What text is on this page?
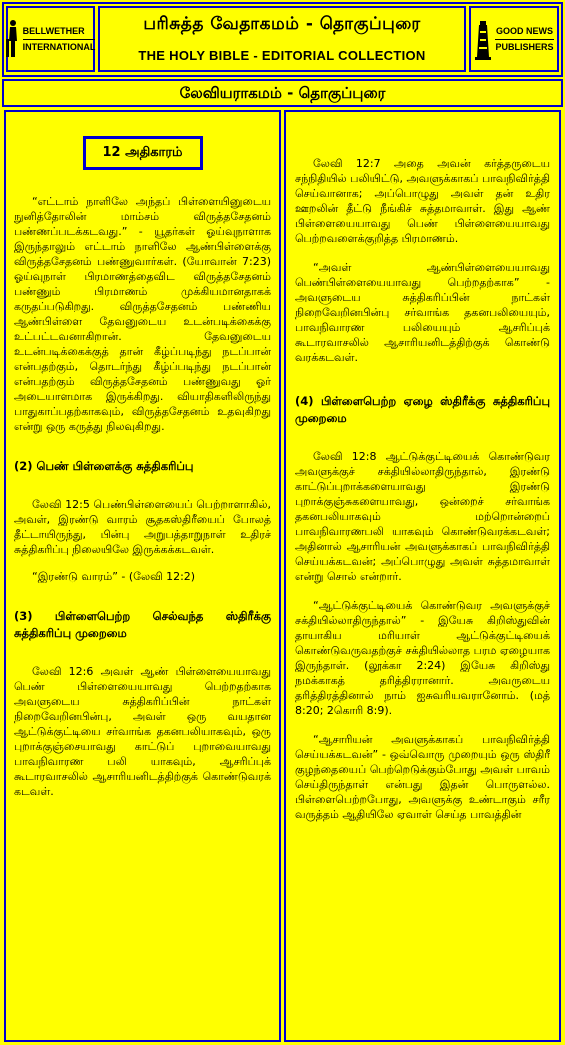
BELLWETHER
INTERNATIONAL
பரிசுத்த வேதாகமம் - தொகுப்புரை
THE HOLY BIBLE - EDITORIAL COLLECTION
GOOD NEWS
PUBLISHERS
லேவியராகமம் - தொகுப்புரை
12 அதிகாரம்

“எட்டாம் நாளிலே அந்தப் பிள்ளையினுடைய நுனித்தோலின் மாம்சம் விருத்தசேதனம் பண்ணப்படக்கடவது.” - யூதர்கள் ஓய்வுநாளாக இருந்தாலும் எட்டாம் நாளிலே ஆண்பிள்ளைக்கு விருத்தசேதனம் பண்ணுவார்கள். (யோவான் 7:23) ஓய்வுநாள் பிரமாணத்தைவிட விருத்தசேதனம் பண்ணும் பிரமாணம் முக்கியமானதாகக் கருதப்படுகிறது. விருத்தசேதனம் பண்ணிய ஆண்பிள்ளை தேவனுடைய உடன்படிக்கைக்கு உட்பட்டவனாகிறான். தேவனுடைய உடன்படிக்கைக்குத் தான் கீழ்ப்படிந்து நடப்பான் என்பதற்கும், தொடர்ந்து கீழ்ப்படிந்து நடப்பான் என்பதற்கும் விருத்தசேதனம் பண்ணுவது ஓர் அடையாளமாக இருக்கிறது. வியாதிகளிலிருந்து பாதுகாப்பதற்காகவும், விருத்தசேதனம் உதவுகிறது என்று ஒரு கருத்து நிலவுகிறது.

(2) பெண் பிள்ளைக்கு சுத்திகரிப்பு

லேவி 12:5 பெண்பிள்ளையைப் பெற்றாளாகில், அவள், இரண்டு வாரம் சூதகஸ்திரீயைப் போலத் தீட்டாயிருந்து, பின்பு அறுபத்தாறுநாள் உதிரச் சுத்திகரிப்பு நிலையிலே இருக்கக்கடவள்.

“இரண்டு வாரம்” - (லேவி 12:2)

(3) பிள்ளைபெற்ற செல்வந்த ஸ்திரீக்கு சுத்திகரிப்பு முறைமை

லேவி 12:6 அவள் ஆண் பிள்ளையையாவது பெண் பிள்ளையையாவது பெற்றதற்காக அவளுடைய சுத்திகரிப்பின் நாட்கள் நிறைவேறினபின்பு, அவள் ஒரு வயதான ஆட்டுக்குட்டியை சர்வாங்க தகனபலியாகவும், ஒரு புறாக்குஞ்சையாவது காட்டுப் புறாவையாவது பாவநிவாரண பலி யாகவும், ஆசரிப்புக் கூடாரவாசலில் ஆசாரியனிடத்திற்குக் கொண்டுவரக் கடவள்.

லேவி 12:7 அதை அவன் கர்த்தருடைய சந்நிதியில் பலியிட்டு, அவளுக்காகப் பாவநிவிர்த்தி செய்வானாக; அப்பொழுது அவள் தன் உதிர ஊறலின் தீட்டு நீங்கிச் சுத்தமாவாள். இது ஆண் பிள்ளையையாவது பெண் பிள்ளையையாவது பெற்றவளைக்குறித்த பிரமாணம்.

“அவள் ஆண்பிள்ளையையாவது பெண்பிள்ளையையாவது பெற்றதற்காக” - அவளுடைய சுத்திகரிப்பின் நாட்கள் நிறைவேறினபின்பு சர்வாங்க தகனபலியையும், பாவநிவாரண பலியையும் ஆசரிப்புக் கூடாரவாசலில் ஆசாரியனிடத்திற்குக் கொண்டு வரக்கடவள்.

(4) பிள்ளைபெற்ற ஏழை ஸ்திரீக்கு சுத்திகரிப்பு முறைமை

லேவி 12:8 ஆட்டுக்குட்டியைக் கொண்டுவர அவளுக்குச் சக்தியில்லாதிருந்தால், இரண்டு காட்டுப்புறாக்களையாவது இரண்டு புறாக்குஞ்சுகளையாவது, ஒன்றைச் சர்வாங்க தகனபலியாகவும் மற்றொன்றைப் பாவநிவாரணபலி யாகவும் கொண்டுவரக்கடவள்; அதினால் ஆசாரியன் அவளுக்காகப் பாவநிவிர்த்தி செய்யக்கடவன்; அப்பொழுது அவள் சுத்தமாவாள் என்று சொல் என்றார்.

“ஆட்டுக்குட்டியைக் கொண்டுவர அவளுக்குச் சக்தியில்லாதிருந்தால்” - இயேசு கிறிஸ்துவின் தாயாகிய மரியாள் ஆட்டுக்குட்டியைக் கொண்டுவருவதற்குச் சக்தியில்லாத பரம ஏழையாக இருந்தாள். (லூக்கா 2:24) இயேசு கிறிஸ்து நமக்காகத் தரித்திரரானார். அவருடைய தரித்திரத்தினால் நாம் ஐசுவரியவரானோம். (மத் 8:20; 2கொரி 8:9).

“ஆசாரியன் அவளுக்காகப் பாவநிவிர்த்தி செய்யக்கடவன்” - ஒவ்வொரு முறையும் ஒரு ஸ்திரீ குழந்தையைப் பெற்றெடுக்கும்போது அவள் பாவம் செய்திருந்தாள் என்பது இதன் பொருளல்ல. பிள்ளைபெற்றபோது, அவளுக்கு உண்டாகும் சரீர வருத்தம் ஆதியிலே ஏவாள் செய்த பாவத்தின்
